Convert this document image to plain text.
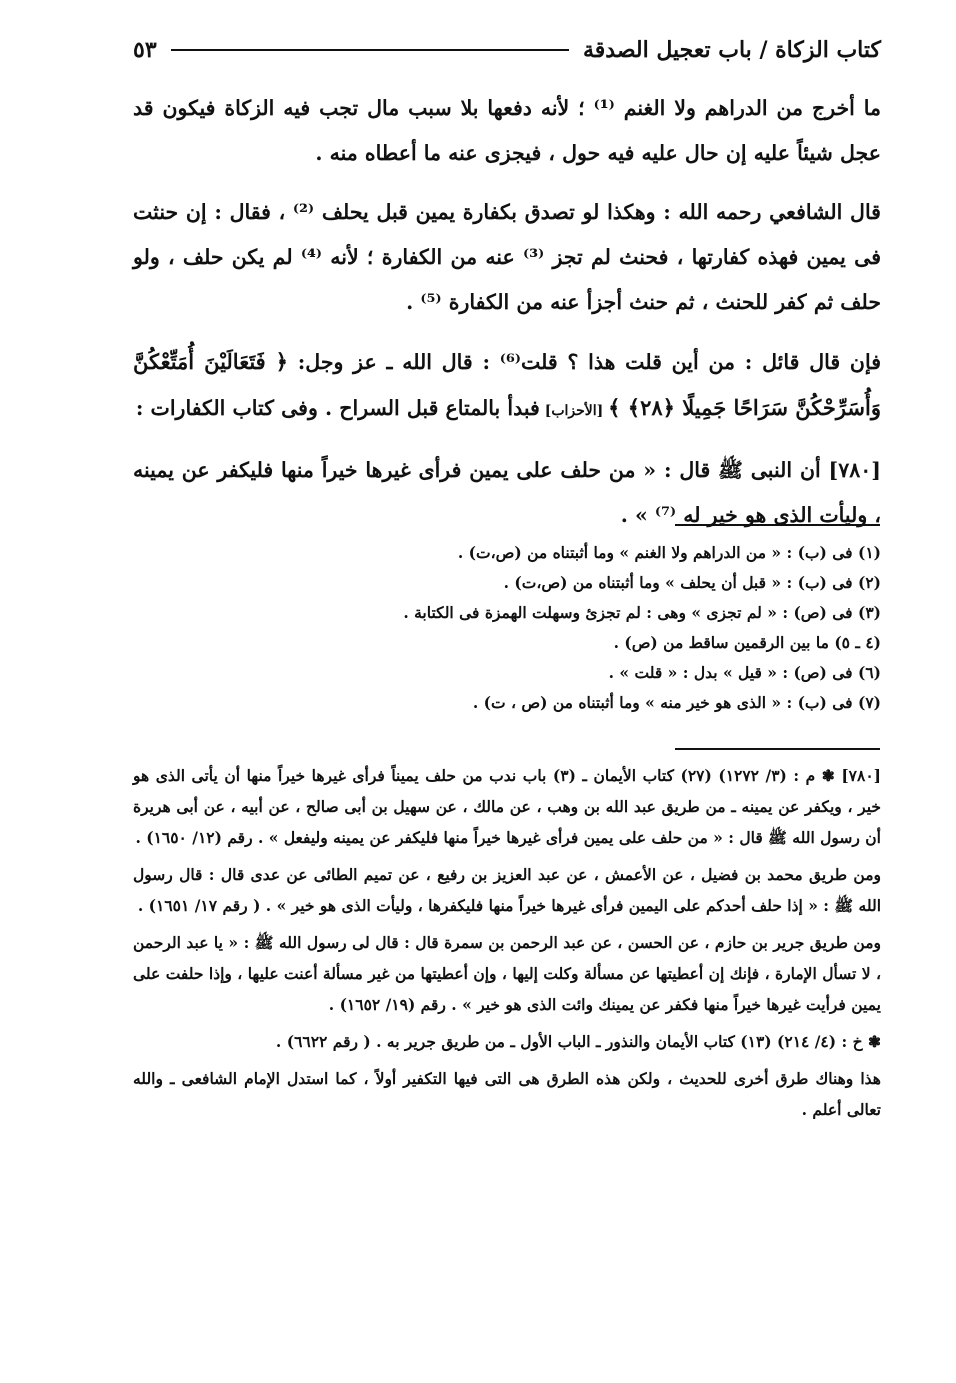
كتاب الزكاة / باب تعجيل الصدقة
٥٣

ما أخرج من الدراهم ولا الغنم ⁽¹⁾ ؛ لأنه دفعها بلا سبب مال تجب فيه الزكاة فيكون قد عجل شيئاً عليه إن حال عليه فيه حول ، فيجزى عنه ما أعطاه منه .

قال الشافعي رحمه الله : وهكذا لو تصدق بكفارة يمين قبل يحلف ⁽²⁾ ، فقال : إن حنثت فى يمين فهذه كفارتها ، فحنث لم تجز ⁽³⁾ عنه من الكفارة ؛ لأنه ⁽⁴⁾ لم يكن حلف ، ولو حلف ثم كفر للحنث ، ثم حنث أجزأ عنه من الكفارة ⁽⁵⁾ .

فإن قال قائل : من أين قلت هذا ؟ قلت⁽⁶⁾ : قال الله ـ عز وجل: ﴿ فَتَعَالَيْنَ أُمَتِّعْكُنَّ وَأُسَرِّحْكُنَّ سَرَاحًا جَمِيلًا ﴿٢٨﴾ ﴾ [الأحزاب] فبدأ بالمتاع قبل السراح . وفى كتاب الكفارات :

[٧٨٠] أن النبى ﷺ قال : « من حلف على يمين فرأى غيرها خيراً منها فليكفر عن يمينه ، وليأت الذى هو خير له ⁽⁷⁾ » .

(١) فى (ب) : « من الدراهم ولا الغنم » وما أثبتناه من (ص،ت) .
(٢) فى (ب) : « قبل أن يحلف » وما أثبتناه من (ص،ت) .
(٣) فى (ص) : « لم تجزى » وهى : لم تجزئ وسهلت الهمزة فى الكتابة .
(٤ ـ ٥) ما بين الرقمين ساقط من (ص) .
(٦) فى (ص) : « قيل » بدل : « قلت » .
(٧) فى (ب) : « الذى هو خير منه » وما أثبتناه من (ص ، ت) .

[٧٨٠] ❃ م : (٣/ ١٢٧٢) (٢٧) كتاب الأيمان ـ (٣) باب ندب من حلف يميناً فرأى غيرها خيراً منها أن يأتى الذى هو خير ، ويكفر عن يمينه ـ من طريق عبد الله بن وهب ، عن مالك ، عن سهيل بن أبى صالح ، عن أبيه ، عن أبى هريرة أن رسول الله ﷺ قال : « من حلف على يمين فرأى غيرها خيراً منها فليكفر عن يمينه وليفعل » . رقم (١٢/ ١٦٥٠) .

ومن طريق محمد بن فضيل ، عن الأعمش ، عن عبد العزيز بن رفيع ، عن تميم الطائى عن عدى قال : قال رسول الله ﷺ : « إذا حلف أحدكم على اليمين فرأى غيرها خيراً منها فليكفرها ، وليأت الذى هو خير » . ( رقم ١٧/ ١٦٥١) .

ومن طريق جرير بن حازم ، عن الحسن ، عن عبد الرحمن بن سمرة قال : قال لى رسول الله ﷺ : « يا عبد الرحمن ، لا تسأل الإمارة ، فإنك إن أعطيتها عن مسألة وكلت إليها ، وإن أعطيتها من غير مسألة أعنت عليها ، وإذا حلفت على يمين فرأيت غيرها خيراً منها فكفر عن يمينك وائت الذى هو خير » . رقم (١٩/ ١٦٥٢) .

❃ خ : (٤/ ٢١٤) (١٣) كتاب الأيمان والنذور ـ الباب الأول ـ من طريق جرير به . ( رقم ٦٦٢٢) .

هذا وهناك طرق أخرى للحديث ، ولكن هذه الطرق هى التى فيها التكفير أولاً ، كما استدل الإمام الشافعى ـ والله تعالى أعلم .
